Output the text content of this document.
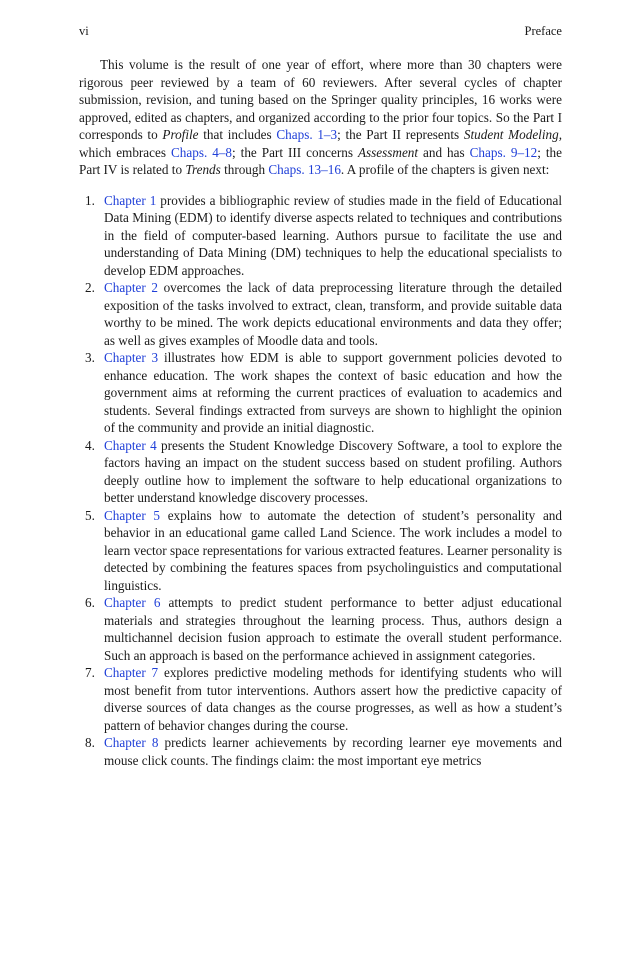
vi	Preface

This volume is the result of one year of effort, where more than 30 chapters were rigorous peer reviewed by a team of 60 reviewers. After several cycles of chapter submission, revision, and tuning based on the Springer quality principles, 16 works were approved, edited as chapters, and organized according to the prior four topics. So the Part I corresponds to Profile that includes Chaps. 1–3; the Part II represents Student Modeling, which embraces Chaps. 4–8; the Part III concerns Assessment and has Chaps. 9–12; the Part IV is related to Trends through Chaps. 13–16. A profile of the chapters is given next:

1. Chapter 1 provides a bibliographic review of studies made in the field of Educational Data Mining (EDM) to identify diverse aspects related to techniques and contributions in the field of computer-based learning. Authors pursue to facilitate the use and understanding of Data Mining (DM) techniques to help the educational specialists to develop EDM approaches.
2. Chapter 2 overcomes the lack of data preprocessing literature through the detailed exposition of the tasks involved to extract, clean, transform, and provide suitable data worthy to be mined. The work depicts educational environments and data they offer; as well as gives examples of Moodle data and tools.
3. Chapter 3 illustrates how EDM is able to support government policies devoted to enhance education. The work shapes the context of basic education and how the government aims at reforming the current practices of evaluation to academics and students. Several findings extracted from surveys are shown to highlight the opinion of the community and provide an initial diagnostic.
4. Chapter 4 presents the Student Knowledge Discovery Software, a tool to explore the factors having an impact on the student success based on student profiling. Authors deeply outline how to implement the software to help educational organizations to better understand knowledge discovery processes.
5. Chapter 5 explains how to automate the detection of student’s personality and behavior in an educational game called Land Science. The work includes a model to learn vector space representations for various extracted features. Learner personality is detected by combining the features spaces from psycholinguistics and computational linguistics.
6. Chapter 6 attempts to predict student performance to better adjust educational materials and strategies throughout the learning process. Thus, authors design a multichannel decision fusion approach to estimate the overall student performance. Such an approach is based on the performance achieved in assignment categories.
7. Chapter 7 explores predictive modeling methods for identifying students who will most benefit from tutor interventions. Authors assert how the predictive capacity of diverse sources of data changes as the course progresses, as well as how a student’s pattern of behavior changes during the course.
8. Chapter 8 predicts learner achievements by recording learner eye movements and mouse click counts. The findings claim: the most important eye metrics
